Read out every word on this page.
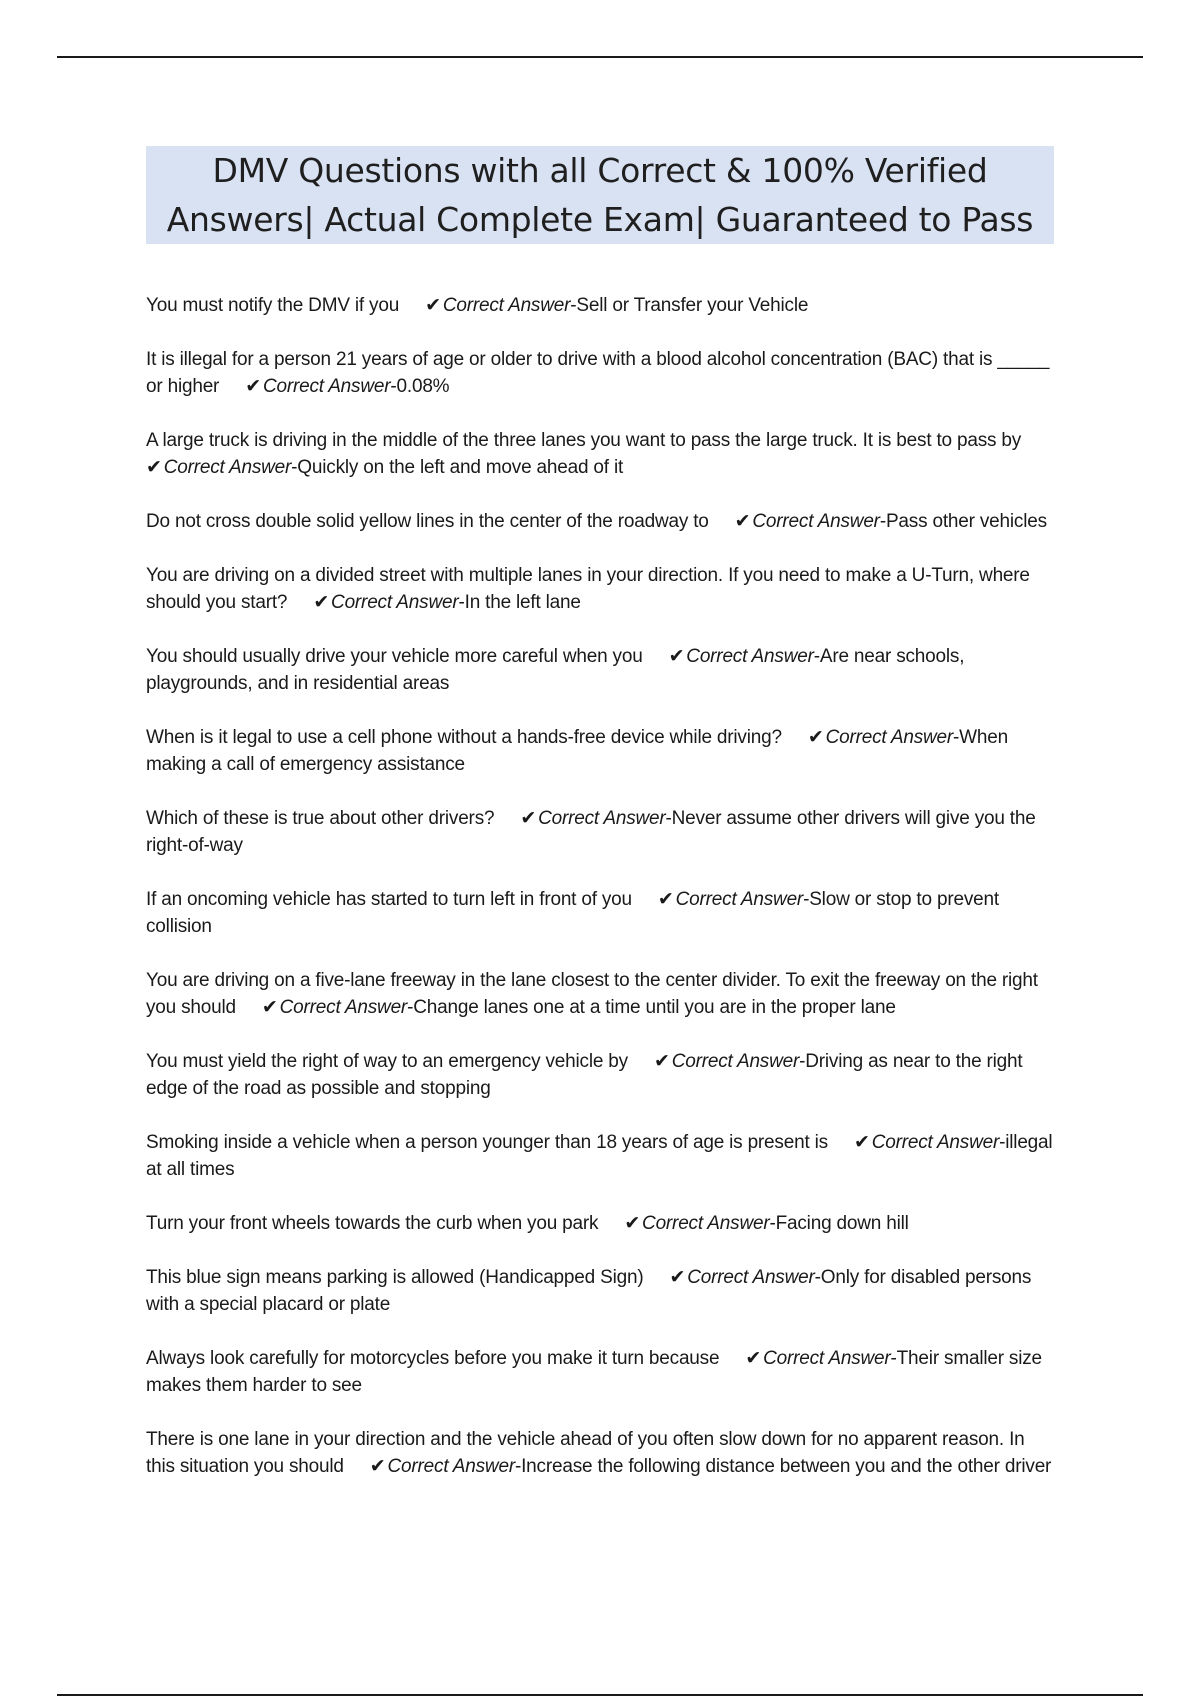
DMV Questions with all Correct & 100% Verified Answers| Actual Complete Exam| Guaranteed to Pass
You must notify the DMV if you ✔ Correct Answer-Sell or Transfer your Vehicle
It is illegal for a person 21 years of age or older to drive with a blood alcohol concentration (BAC) that is _____ or higher ✔ Correct Answer-0.08%
A large truck is driving in the middle of the three lanes you want to pass the large truck. It is best to pass by✔ Correct Answer-Quickly on the left and move ahead of it
Do not cross double solid yellow lines in the center of the roadway to ✔ Correct Answer-Pass other vehicles
You are driving on a divided street with multiple lanes in your direction. If you need to make a U-Turn, where should you start? ✔ Correct Answer-In the left lane
You should usually drive your vehicle more careful when you ✔ Correct Answer-Are near schools, playgrounds, and in residential areas
When is it legal to use a cell phone without a hands-free device while driving? ✔ Correct Answer-When making a call of emergency assistance
Which of these is true about other drivers? ✔ Correct Answer-Never assume other drivers will give you the right-of-way
If an oncoming vehicle has started to turn left in front of you ✔ Correct Answer-Slow or stop to prevent collision
You are driving on a five-lane freeway in the lane closest to the center divider. To exit the freeway on the right you should ✔ Correct Answer-Change lanes one at a time until you are in the proper lane
You must yield the right of way to an emergency vehicle by ✔ Correct Answer-Driving as near to the right edge of the road as possible and stopping
Smoking inside a vehicle when a person younger than 18 years of age is present is ✔ Correct Answer-illegal at all times
Turn your front wheels towards the curb when you park ✔ Correct Answer-Facing down hill
This blue sign means parking is allowed (Handicapped Sign) ✔ Correct Answer-Only for disabled persons with a special placard or plate
Always look carefully for motorcycles before you make it turn because ✔ Correct Answer-Their smaller size makes them harder to see
There is one lane in your direction and the vehicle ahead of you often slow down for no apparent reason. In this situation you should ✔ Correct Answer-Increase the following distance between you and the other driver
